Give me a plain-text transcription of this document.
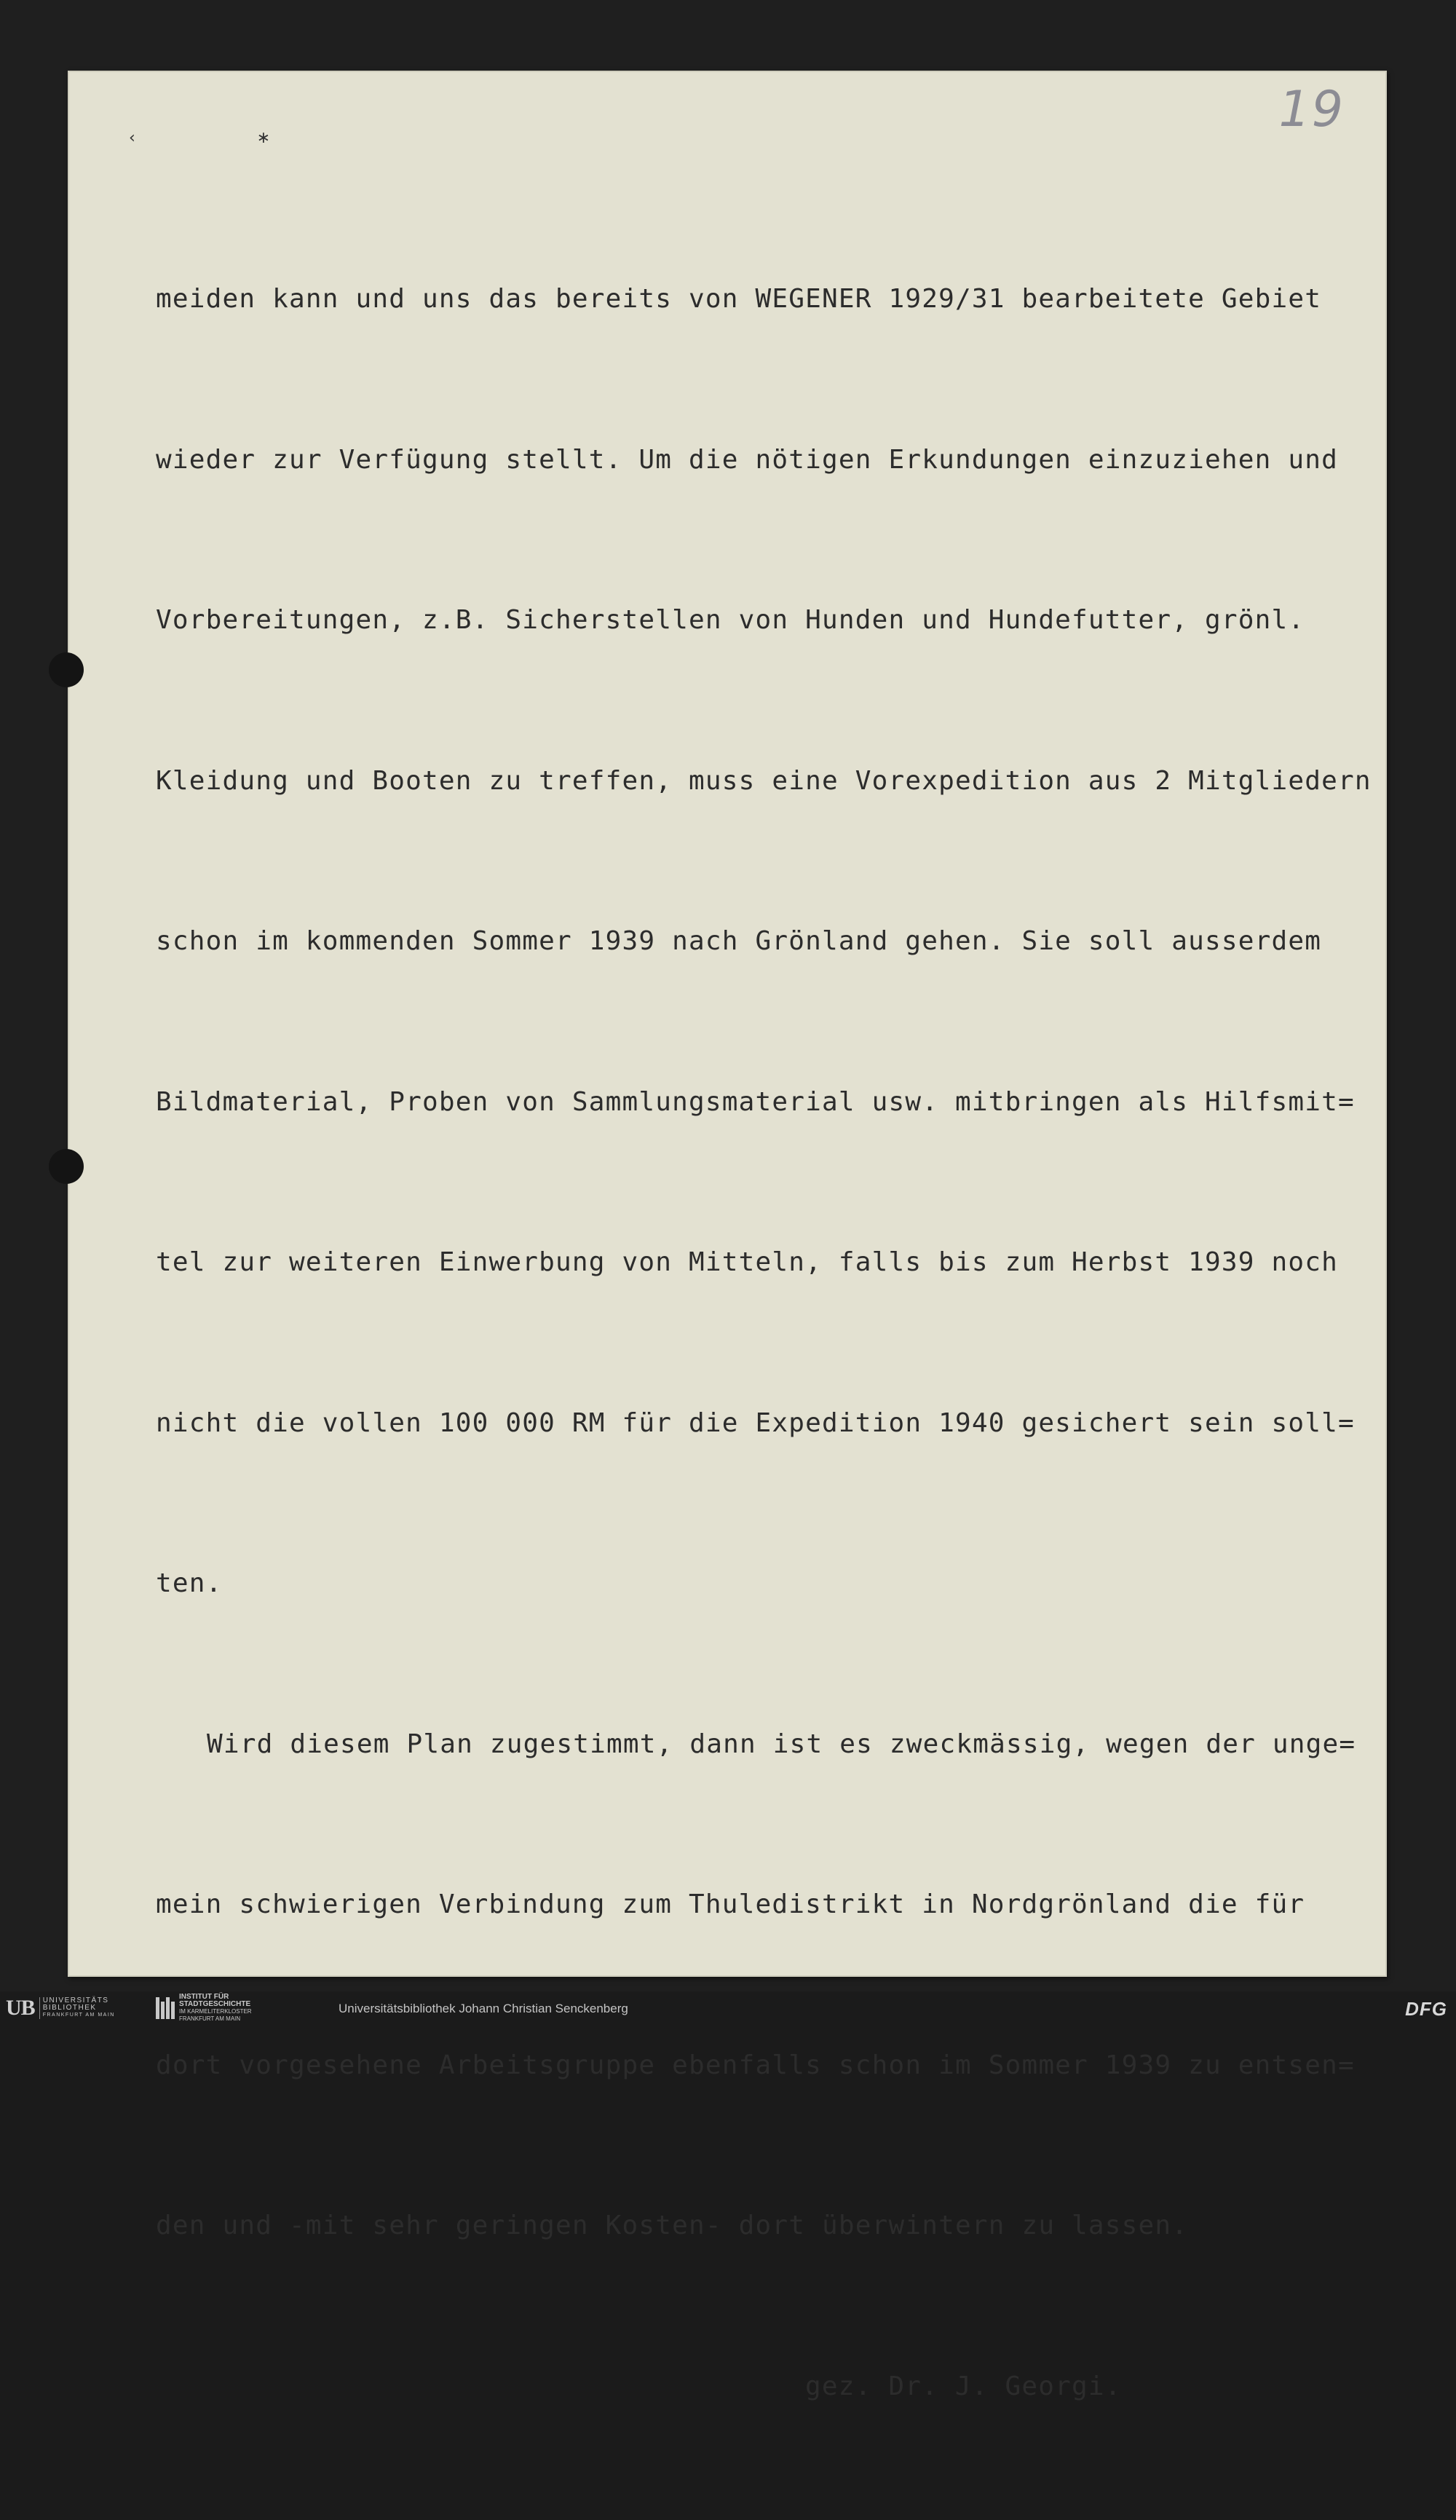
19
‹ ∗

meiden kann und uns das bereits von WEGENER 1929/31 bearbeitete Gebiet

wieder zur Verfügung stellt. Um die nötigen Erkundungen einzuziehen und

Vorbereitungen, z.B. Sicherstellen von Hunden und Hundefutter, grönl.

Kleidung und Booten zu treffen, muss eine Vorexpedition aus 2 Mitgliedern

schon im kommenden Sommer 1939 nach Grönland gehen. Sie soll ausserdem

Bildmaterial, Proben von Sammlungsmaterial usw. mitbringen als Hilfsmit=

tel zur weiteren Einwerbung von Mitteln, falls bis zum Herbst 1939 noch

nicht die vollen 100 000 RM für die Expedition 1940 gesichert sein soll=

ten.

Wird diesem Plan zugestimmt, dann ist es zweckmässig, wegen der unge=

mein schwierigen Verbindung zum Thuledistrikt in Nordgrönland die für

dort vorgesehene Arbeitsgruppe ebenfalls schon im Sommer 1939 zu entsen=

den und -mit sehr geringen Kosten- dort überwintern zu lassen.

gez. Dr. J. Georgi.

UB UNIVERSITÄTS
BIBLIOTHEK
FRANKFURT AM MAIN
INSTITUT FÜR
STADTGESCHICHTE
IM KARMELITERKLOSTER
FRANKFURT AM MAIN
Universitätsbibliothek Johann Christian Senckenberg	DFG
